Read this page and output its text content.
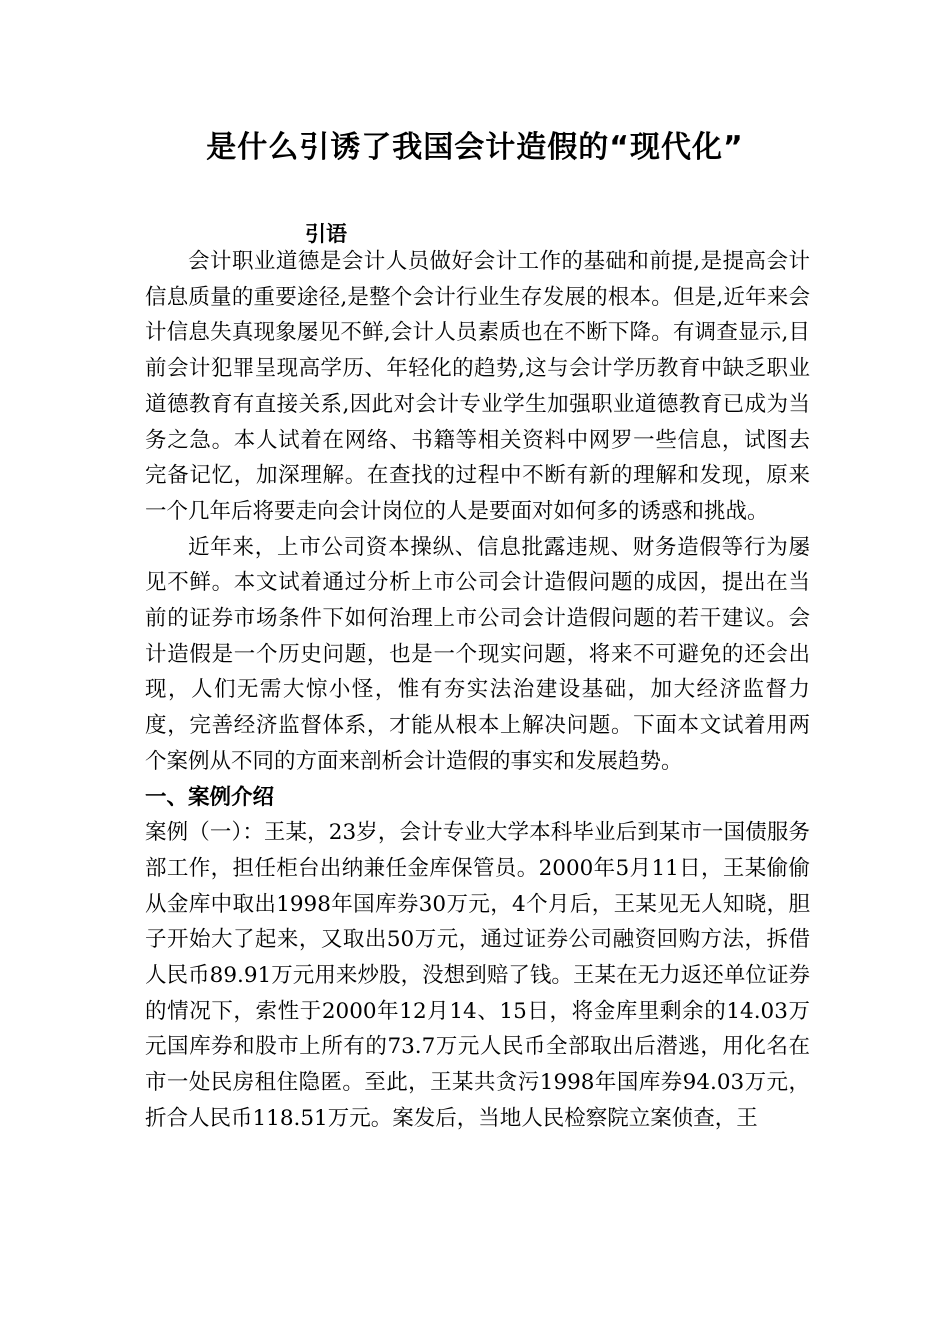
是什么引诱了我国会计造假的“现代化”
引语

会计职业道德是会计人员做好会计工作的基础和前提,是提高会计信息质量的重要途径,是整个会计行业生存发展的根本。但是,近年来会计信息失真现象屡见不鲜,会计人员素质也在不断下降。有调查显示,目前会计犯罪呈现高学历、年轻化的趋势,这与会计学历教育中缺乏职业道德教育有直接关系,因此对会计专业学生加强职业道德教育已成为当务之急。本人试着在网络、书籍等相关资料中网罗一些信息，试图去完备记忆，加深理解。在查找的过程中不断有新的理解和发现，原来一个几年后将要走向会计岗位的人是要面对如何多的诱惑和挑战。

近年来，上市公司资本操纵、信息批露违规、财务造假等行为屡见不鲜。本文试着通过分析上市公司会计造假问题的成因，提出在当前的证券市场条件下如何治理上市公司会计造假问题的若干建议。会计造假是一个历史问题，也是一个现实问题，将来不可避免的还会出现，人们无需大惊小怪，惟有夯实法治建设基础，加大经济监督力度，完善经济监督体系，才能从根本上解决问题。下面本文试着用两个案例从不同的方面来剖析会计造假的事实和发展趋势。

一、案例介绍

案例（一）：王某，23岁，会计专业大学本科毕业后到某市一国债服务部工作，担任柜台出纳兼任金库保管员。2000年5月11日，王某偷偷从金库中取出1998年国库券30万元，4个月后，王某见无人知晓，胆子开始大了起来，又取出50万元，通过证券公司融资回购方法，拆借人民币89.91万元用来炒股，没想到赔了钱。王某在无力返还单位证券的情况下，索性于2000年12月14、15日，将金库里剩余的14.03万元国库券和股市上所有的73.7万元人民币全部取出后潜逃，用化名在市一处民房租住隐匿。至此，王某共贪污1998年国库券94.03万元，折合人民币118.51万元。案发后，当地人民检察院立案侦查，王
